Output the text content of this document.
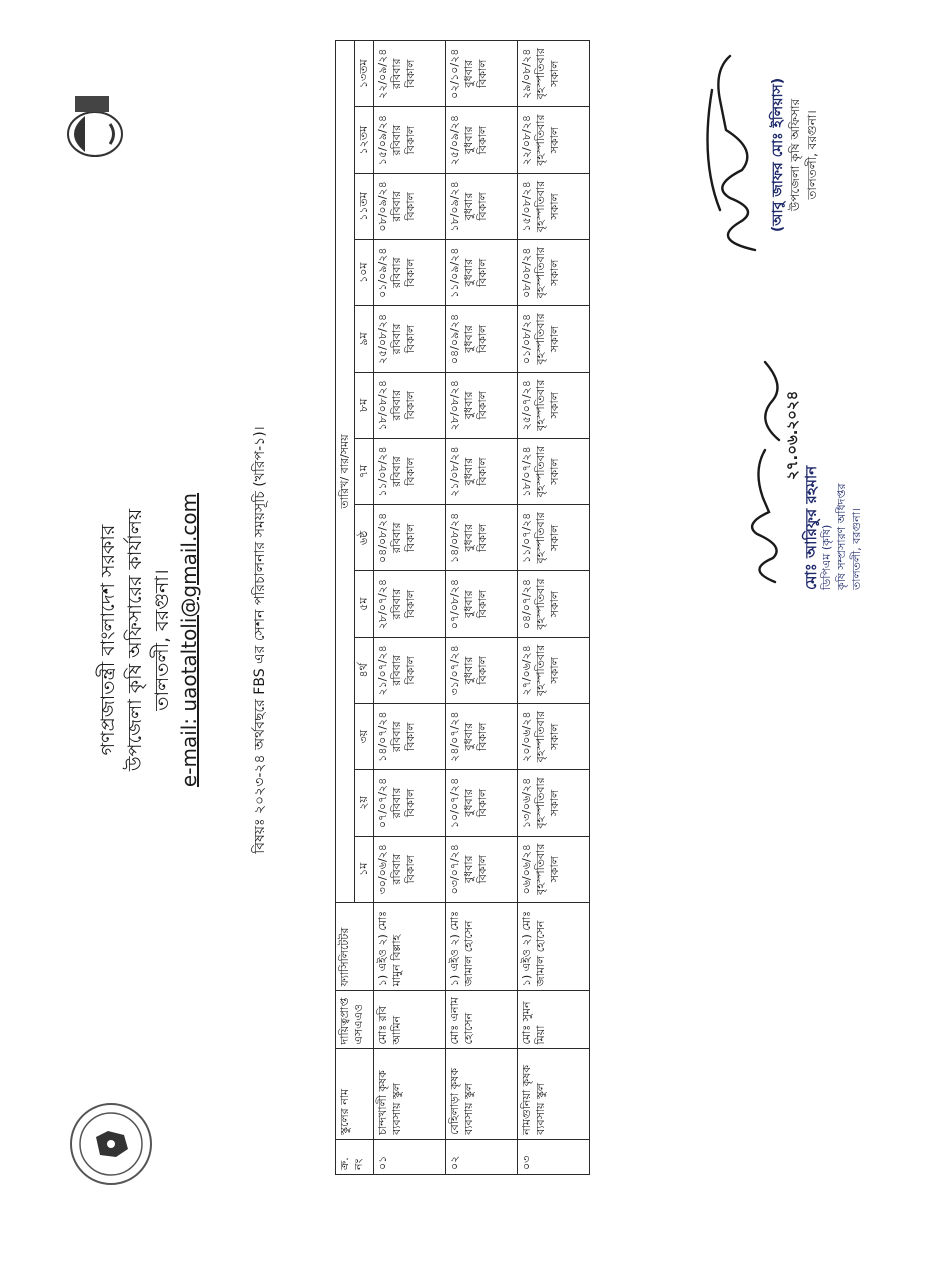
গণপ্রজাতন্ত্রী বাংলাদেশ সরকার উপজেলা কৃষি অফিসারের কার্যালয় তালতলী, বরগুনা। e-mail: uaotaltoli@gmail.com	বিষয়ঃ ২০২৩-২৪ অর্থবছরে FBS এর সেশন পরিচালনার সময়সূচি (খরিপ-১)।
ক্র. নং	স্কুলের নাম	দায়িত্বপ্রাপ্ত এসএএও	ফ্যাসিলিটেটর	তারিখ/ বার/সময়												
				১ম	২য়	৩য়	৪র্থ	৫ম	৬ষ্ঠ	৭ম	৮ম	৯ম	১০ম	১১তম	১২তম	১৩তম
০১	চান্দখালী কৃষক ব্যবসায় স্কুল	মোঃ রবি আমিন	১) এইও ২) মোঃ মামুন বিল্লাহ	৩০/০৬/২৪ রবিবার বিকাল	০৭/০৭/২৪ রবিবার বিকাল	১৪/০৭/২৪ রবিবার বিকাল	২১/০৭/২৪ রবিবার বিকাল	২৮/০৭/২৪ রবিবার বিকাল	০৪/০৮/২৪ রবিবার বিকাল	১১/০৮/২৪ রবিবার বিকাল	১৮/০৮/২৪ রবিবার বিকাল	২৫/০৮/২৪ রবিবার বিকাল	০১/০৯/২৪ রবিবার বিকাল	০৮/০৯/২৪ রবিবার বিকাল	১৫/০৯/২৪ রবিবার বিকাল	২২/০৯/২৪ রবিবার বিকাল

০২	বেহিলাড়া কৃষক ব্যবসায় স্কুল	মোঃ এনাম হোসেন	১) এইও ২) মোঃ জামাল হোসেন	০৩/০৭/২৪ বুধবার বিকাল	১০/০৭/২৪ বুধবার বিকাল	২৪/০৭/২৪ বুধবার বিকাল	৩১/০৭/২৪ বুধবার বিকাল	০৭/০৮/২৪ বুধবার বিকাল	১৪/০৮/২৪ বুধবার বিকাল	২১/০৮/২৪ বুধবার বিকাল	২৮/০৮/২৪ বুধবার বিকাল	০৪/০৯/২৪ বুধবার বিকাল	১১/০৯/২৪ বুধবার বিকাল	১৮/০৯/২৪ বুধবার বিকাল	২৫/০৯/২৪ বুধবার বিকাল	০২/১০/২৪ বুধবার বিকাল

০৩	নামগুনিয়া কৃষক ব্যবসায় স্কুল	মোঃ সুমন মিয়া	১) এইও ২) মোঃ জামাল হোসেন	০৬/০৬/২৪ বৃহস্পতিবার সকাল	১৩/০৬/২৪ বৃহস্পতিবার সকাল	২০/০৬/২৪ বৃহস্পতিবার সকাল	২৭/০৬/২৪ বৃহস্পতিবার সকাল	০৪/০৭/২৪ বৃহস্পতিবার সকাল	১১/০৭/২৪ বৃহস্পতিবার সকাল	১৮/০৭/২৪ বৃহস্পতিবার সকাল	২৫/০৭/২৪ বৃহস্পতিবার সকাল	০১/০৮/২৪ বৃহস্পতিবার সকাল	০৮/০৮/২৪ বৃহস্পতিবার সকাল	১৫/০৮/২৪ বৃহস্পতিবার সকাল	২২/০৮/২৪ বৃহস্পতিবার সকাল	২৯/০৮/২৪ বৃহস্পতিবার সকাল
২৭.০৬.২০২৪
মোঃ আরিফুর রহমান ডিপিএম (কৃষি) কৃষি সম্প্রসারণ অধিদপ্তর তালতলী, বরগুনা।
(আবু জাফর মোঃ ইলিয়াস) উপজেলা কৃষি অফিসার তালতলী, বরগুনা।
